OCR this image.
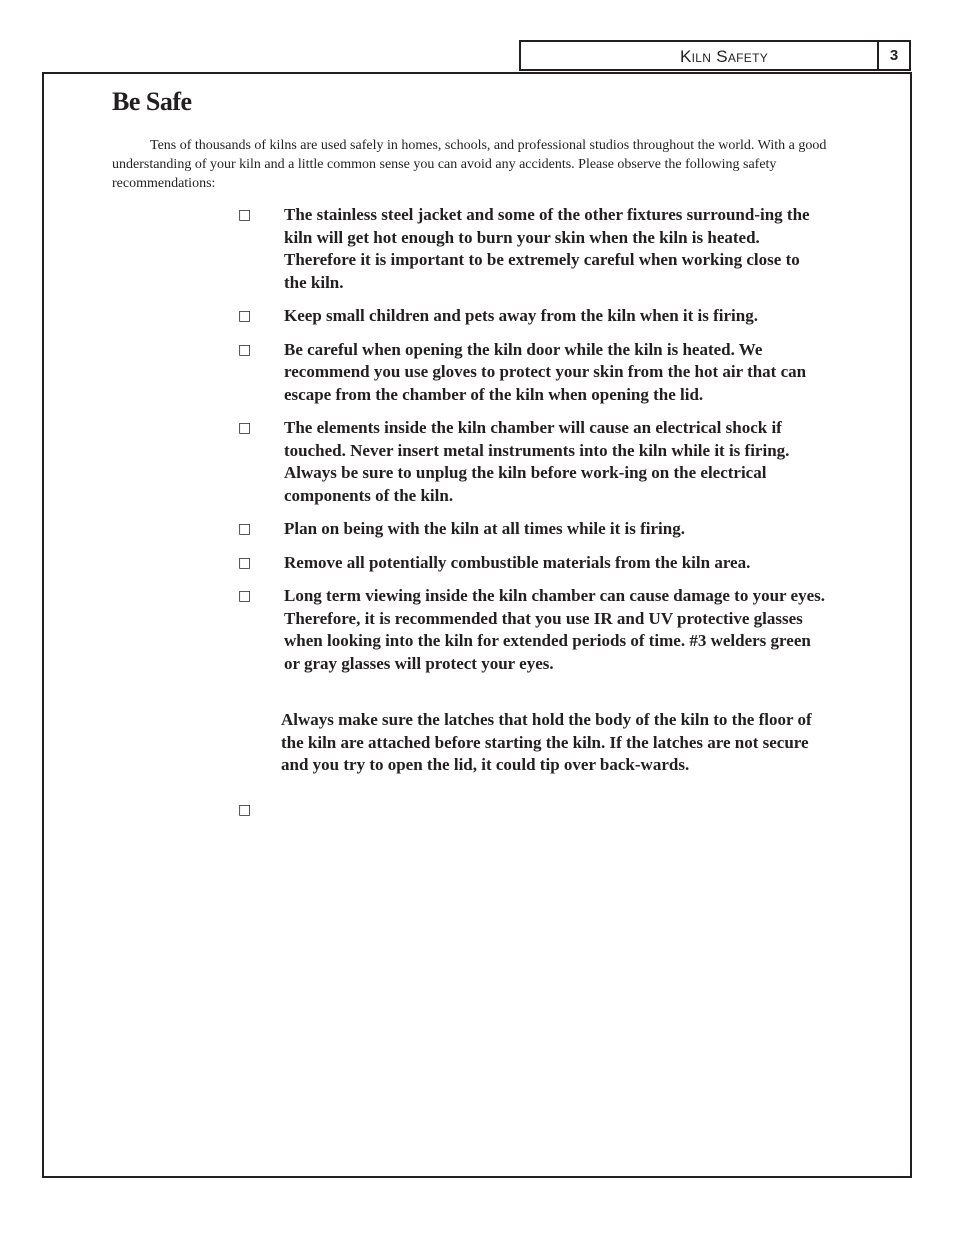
Kiln Safety	3
Be Safe

Tens of thousands of kilns are used safely in homes, schools, and professional studios throughout the world. With a good understanding of your kiln and a little common sense you can avoid any accidents. Please observe the following safety recommendations:

□ The stainless steel jacket and some of the other fixtures surround-ing the kiln will get hot enough to burn your skin when the kiln is heated. Therefore it is important to be extremely careful when working close to the kiln.
□ Keep small children and pets away from the kiln when it is firing.
□ Be careful when opening the kiln door while the kiln is heated. We recommend you use gloves to protect your skin from the hot air that can escape from the chamber of the kiln when opening the lid.
□ The elements inside the kiln chamber will cause an electrical shock if touched. Never insert metal instruments into the kiln while it is firing. Always be sure to unplug the kiln before work-ing on the electrical components of the kiln.
□ Plan on being with the kiln at all times while it is firing.
□ Remove all potentially combustible materials from the kiln area.
□ Long term viewing inside the kiln chamber can cause damage to your eyes. Therefore, it is recommended that you use IR and UV protective glasses when looking into the kiln for extended periods of time. #3 welders green or gray glasses will protect your eyes.

Always make sure the latches that hold the body of the kiln to the floor of the kiln are attached before starting the kiln. If the latches are not secure and you try to open the lid, it could tip over back-wards.

□
